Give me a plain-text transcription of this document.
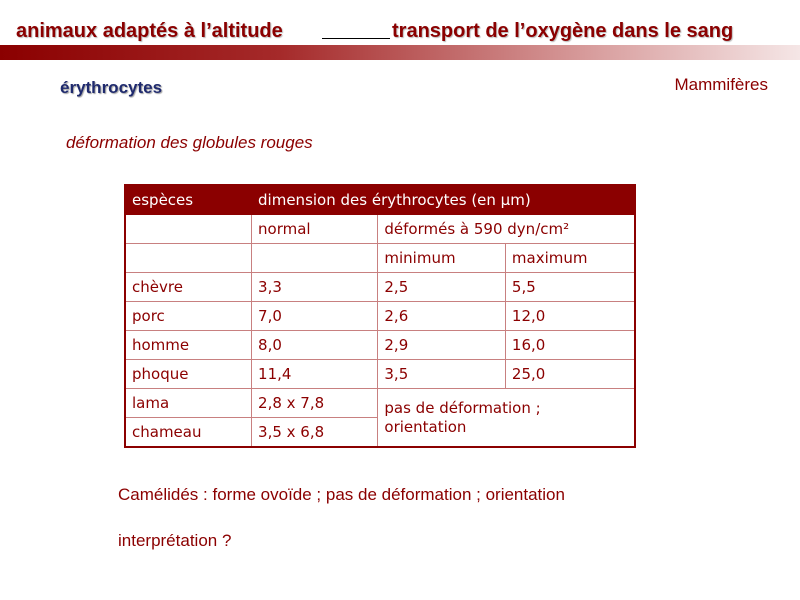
animaux adaptés à l’altitude	transport de l’oxygène dans le sang
érythrocytes	Mammifères
déformation des globules rouges
espèces	dimension des érythrocytes (en µm)		
	normal	déformés à 590 dyn/cm²	
		minimum	maximum
chèvre	3,3	2,5	5,5
porc	7,0	2,6	12,0
homme	8,0	2,9	16,0
phoque	11,4	3,5	25,0
lama	2,8 x 7,8	pas de déformation ;
orientation	
chameau	3,5 x 6,8		
Camélidés : forme ovoïde ; pas de déformation ; orientation
interprétation ?
